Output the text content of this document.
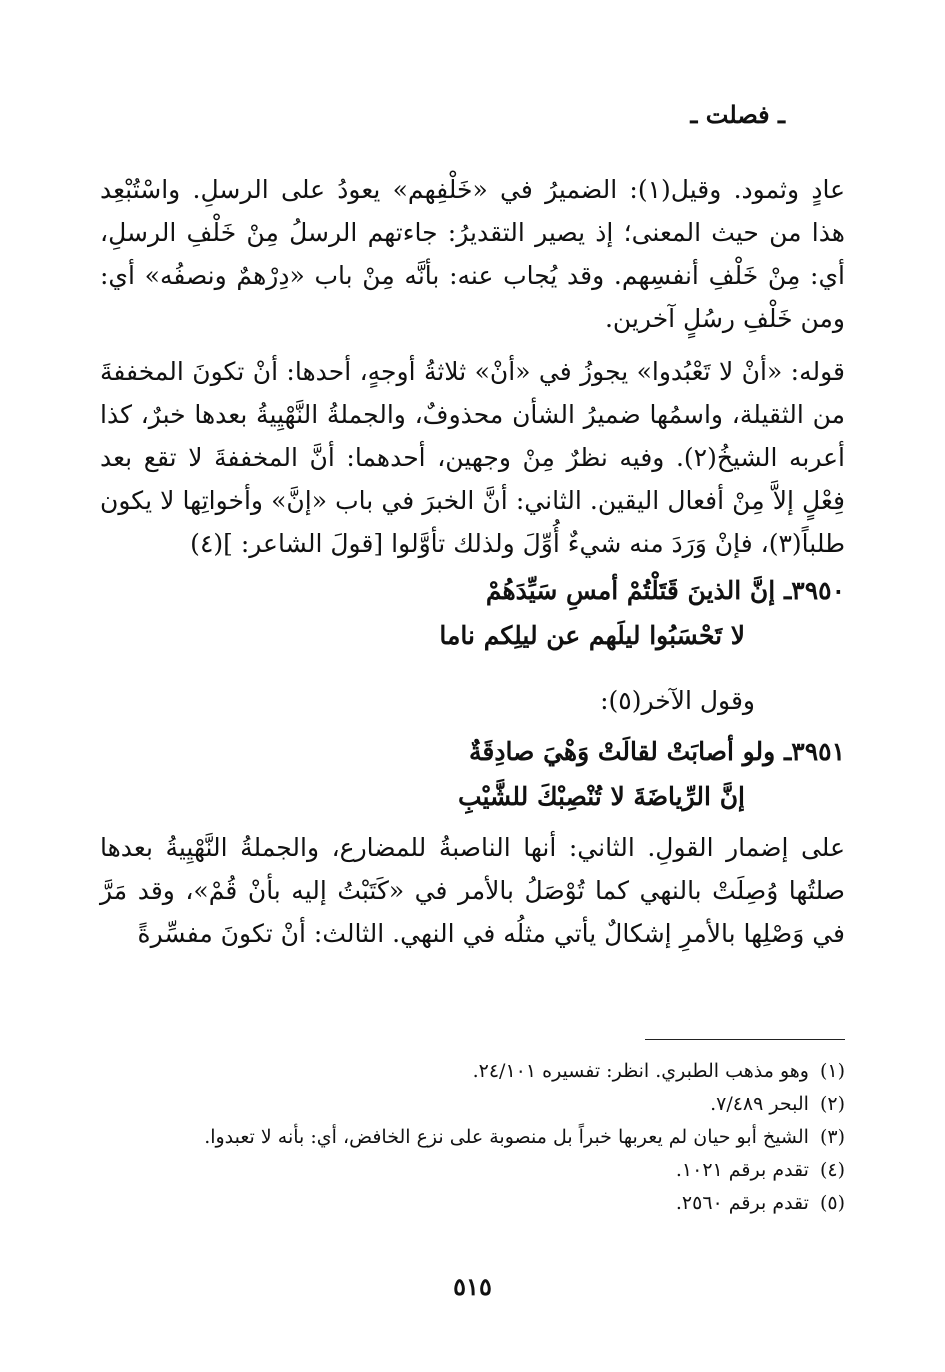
ـ فصلت ـ

عادٍ وثمود. وقيل(١): الضميرُ في «خَلْفِهم» يعودُ على الرسلِ. واسْتُبْعِد هذا من حيث المعنى؛ إذ يصير التقديرُ: جاءتهم الرسلُ مِنْ خَلْفِ الرسلِ، أي: مِنْ خَلْفِ أنفسِهم. وقد يُجاب عنه: بأنَّه مِنْ باب «دِرْهمٌ ونصفُه» أي: ومن خَلْفِ رسُلٍ آخرين.

قوله: «أنْ لا تَعْبُدوا» يجوزُ في «أنْ» ثلاثةُ أوجهٍ، أحدها: أنْ تكونَ المخففةَ من الثقيلة، واسمُها ضميرُ الشأن محذوفٌ، والجملةُ النَّهْيِيةُ بعدها خبرٌ، كذا أعربه الشيخُ(٢). وفيه نظرٌ مِنْ وجهين، أحدهما: أنَّ المخففةَ لا تقع بعد فِعْلٍ إلاَّ مِنْ أفعال اليقين. الثاني: أنَّ الخبرَ في باب «إنَّ» وأخواتِها لا يكون طلباً(٣)، فإنْ وَرَدَ منه شيءٌ أُوِّلَ ولذلك تأوَّلوا [قولَ الشاعر: ](٤)

٣٩٥٠ـ إنَّ الذينَ قَتَلْتُمْ أمسِ سَيِّدَهُمْ
لا تَحْسَبُوا ليلَهم عن ليلِكم ناما

وقول الآخر(٥):

٣٩٥١ـ ولو أصابَتْ لقالَتْ وَهْيَ صادِقَةٌ
إنَّ الرِّياضَةَ لا تُنْصِبْكَ للشَّيْبِ

على إضمار القولِ. الثاني: أنها الناصبةُ للمضارع، والجملةُ النَّهْيِيةُ بعدها صلتُها وُصِلَتْ بالنهي كما تُوْصَلُ بالأمر في «كَتَبْتُ إليه بأنْ قُمْ»، وقد مَرَّ في وَصْلِها بالأمرِ إشكالٌ يأتي مثلُه في النهي. الثالث: أنْ تكونَ مفسِّرةً

(١) وهو مذهب الطبري. انظر: تفسيره ٢٤/١٠١.

(٢) البحر ٧/٤٨٩.

(٣) الشيخ أبو حيان لم يعربها خبراً بل منصوبة على نزع الخافض، أي: بأنه لا تعبدوا.

(٤) تقدم برقم ١٠٢١.

(٥) تقدم برقم ٢٥٦٠.

٥١٥
